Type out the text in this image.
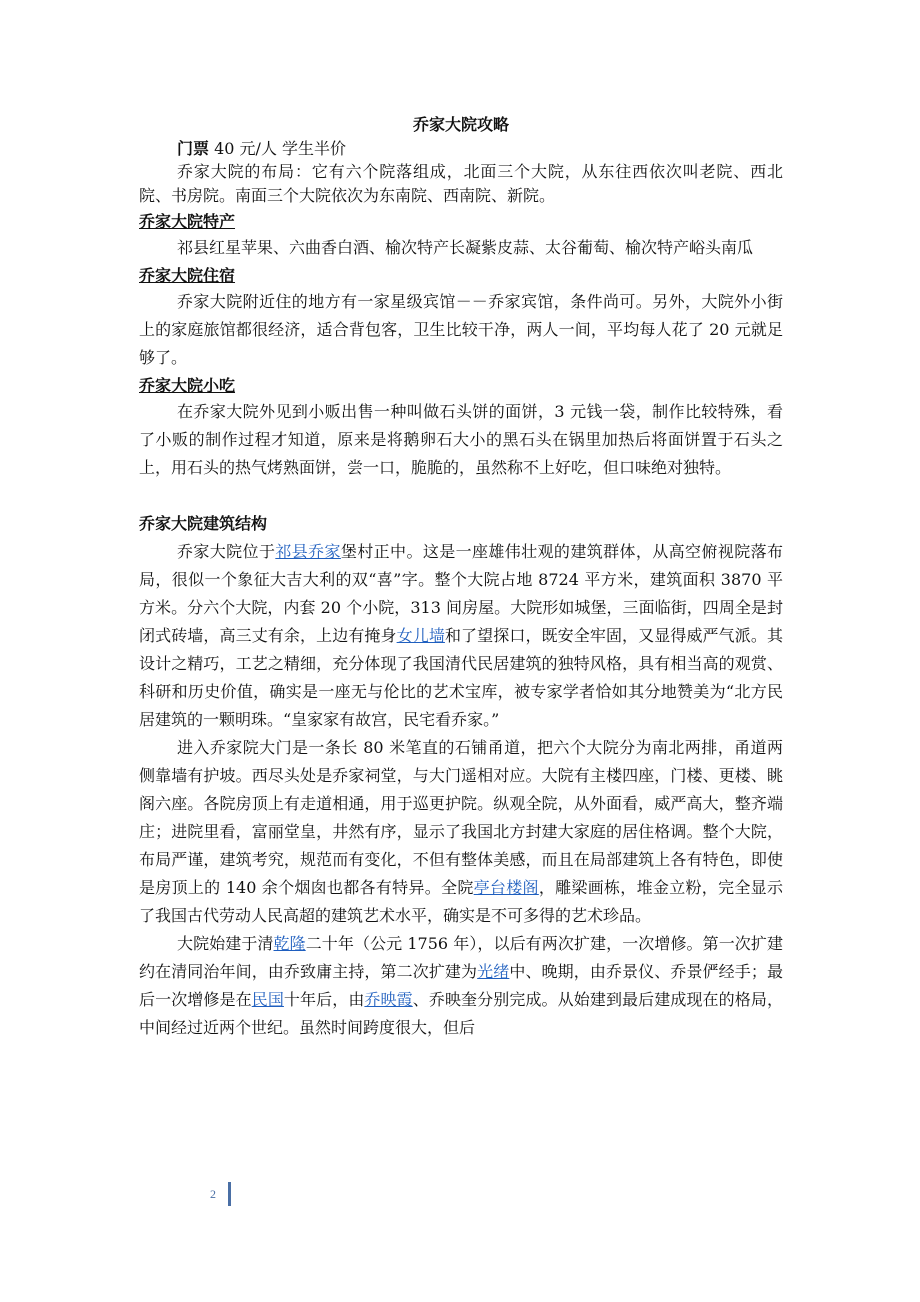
乔家大院攻略

门票 40 元/人 学生半价

乔家大院的布局：它有六个院落组成，北面三个大院，从东往西依次叫老院、西北院、书房院。南面三个大院依次为东南院、西南院、新院。

乔家大院特产

祁县红星苹果、六曲香白酒、榆次特产长凝紫皮蒜、太谷葡萄、榆次特产峪头南瓜

乔家大院住宿

乔家大院附近住的地方有一家星级宾馆－－乔家宾馆，条件尚可。另外，大院外小街上的家庭旅馆都很经济，适合背包客，卫生比较干净，两人一间，平均每人花了 20 元就足够了。

乔家大院小吃

在乔家大院外见到小贩出售一种叫做石头饼的面饼，3 元钱一袋，制作比较特殊，看了小贩的制作过程才知道，原来是将鹅卵石大小的黑石头在锅里加热后将面饼置于石头之上，用石头的热气烤熟面饼，尝一口，脆脆的，虽然称不上好吃，但口味绝对独特。

乔家大院建筑结构

乔家大院位于祁县乔家堡村正中。这是一座雄伟壮观的建筑群体，从高空俯视院落布局，很似一个象征大吉大利的双“喜”字。整个大院占地 8724 平方米，建筑面积 3870 平方米。分六个大院，内套 20 个小院，313 间房屋。大院形如城堡，三面临街，四周全是封闭式砖墙，高三丈有余，上边有掩身女儿墙和了望探口，既安全牢固，又显得威严气派。其设计之精巧，工艺之精细，充分体现了我国清代民居建筑的独特风格，具有相当高的观赏、科研和历史价值，确实是一座无与伦比的艺术宝库，被专家学者恰如其分地赞美为“北方民居建筑的一颗明珠。“皇家家有故宫，民宅看乔家。”

进入乔家院大门是一条长 80 米笔直的石铺甬道，把六个大院分为南北两排，甬道两侧靠墙有护坡。西尽头处是乔家祠堂，与大门遥相对应。大院有主楼四座，门楼、更楼、眺阁六座。各院房顶上有走道相通，用于巡更护院。纵观全院，从外面看，威严高大，整齐端庄；进院里看，富丽堂皇，井然有序，显示了我国北方封建大家庭的居住格调。整个大院，布局严谨，建筑考究，规范而有变化，不但有整体美感，而且在局部建筑上各有特色，即使是房顶上的 140 余个烟囱也都各有特异。全院亭台楼阁，雕梁画栋，堆金立粉，完全显示了我国古代劳动人民高超的建筑艺术水平，确实是不可多得的艺术珍品。

大院始建于清乾隆二十年（公元 1756 年），以后有两次扩建，一次增修。第一次扩建约在清同治年间，由乔致庸主持，第二次扩建为光绪中、晚期，由乔景仪、乔景俨经手；最后一次增修是在民国十年后，由乔映霞、乔映奎分别完成。从始建到最后建成现在的格局，中间经过近两个世纪。虽然时间跨度很大，但后

2
